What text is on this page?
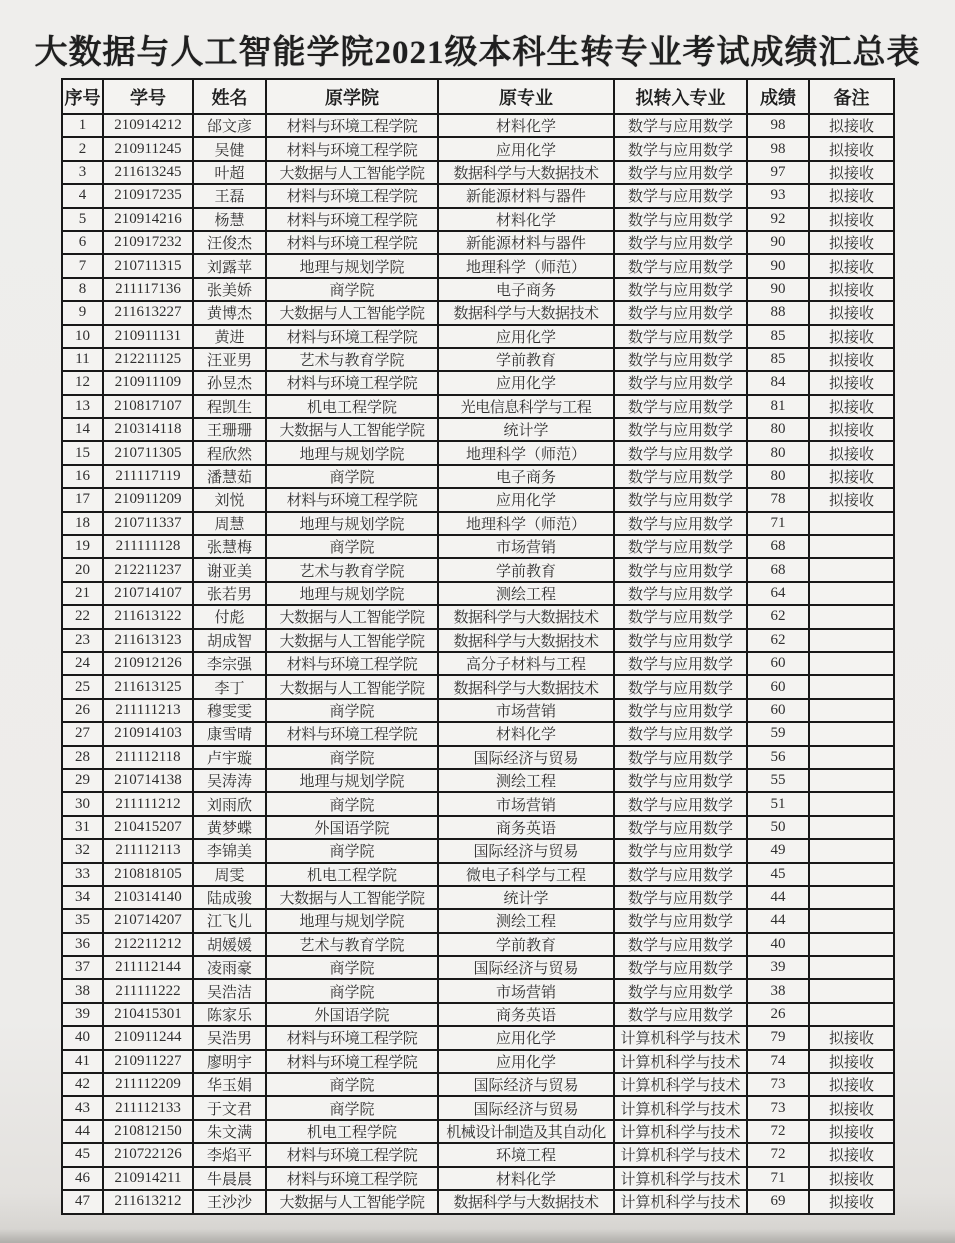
大数据与人工智能学院2021级本科生转专业考试成绩汇总表
序号	学号	姓名	原学院	原专业	拟转入专业	成绩	备注
1	210914212	邰文彦	材料与环境工程学院	材料化学	数学与应用数学	98	拟接收
2	210911245	吴健	材料与环境工程学院	应用化学	数学与应用数学	98	拟接收
3	211613245	叶超	大数据与人工智能学院	数据科学与大数据技术	数学与应用数学	97	拟接收
4	210917235	王磊	材料与环境工程学院	新能源材料与器件	数学与应用数学	93	拟接收
5	210914216	杨慧	材料与环境工程学院	材料化学	数学与应用数学	92	拟接收
6	210917232	汪俊杰	材料与环境工程学院	新能源材料与器件	数学与应用数学	90	拟接收
7	210711315	刘露苹	地理与规划学院	地理科学（师范）	数学与应用数学	90	拟接收
8	211117136	张美娇	商学院	电子商务	数学与应用数学	90	拟接收
9	211613227	黄博杰	大数据与人工智能学院	数据科学与大数据技术	数学与应用数学	88	拟接收
10	210911131	黄进	材料与环境工程学院	应用化学	数学与应用数学	85	拟接收
11	212211125	汪亚男	艺术与教育学院	学前教育	数学与应用数学	85	拟接收
12	210911109	孙昱杰	材料与环境工程学院	应用化学	数学与应用数学	84	拟接收
13	210817107	程凯生	机电工程学院	光电信息科学与工程	数学与应用数学	81	拟接收
14	210314118	王珊珊	大数据与人工智能学院	统计学	数学与应用数学	80	拟接收
15	210711305	程欣然	地理与规划学院	地理科学（师范）	数学与应用数学	80	拟接收
16	211117119	潘慧茹	商学院	电子商务	数学与应用数学	80	拟接收
17	210911209	刘悦	材料与环境工程学院	应用化学	数学与应用数学	78	拟接收
18	210711337	周慧	地理与规划学院	地理科学（师范）	数学与应用数学	71	
19	211111128	张慧梅	商学院	市场营销	数学与应用数学	68	
20	212211237	谢亚美	艺术与教育学院	学前教育	数学与应用数学	68	
21	210714107	张若男	地理与规划学院	测绘工程	数学与应用数学	64	
22	211613122	付彪	大数据与人工智能学院	数据科学与大数据技术	数学与应用数学	62	
23	211613123	胡成智	大数据与人工智能学院	数据科学与大数据技术	数学与应用数学	62	
24	210912126	李宗强	材料与环境工程学院	高分子材料与工程	数学与应用数学	60	
25	211613125	李丁	大数据与人工智能学院	数据科学与大数据技术	数学与应用数学	60	
26	211111213	穆雯雯	商学院	市场营销	数学与应用数学	60	
27	210914103	康雪晴	材料与环境工程学院	材料化学	数学与应用数学	59	
28	211112118	卢宇璇	商学院	国际经济与贸易	数学与应用数学	56	
29	210714138	吴涛涛	地理与规划学院	测绘工程	数学与应用数学	55	
30	211111212	刘雨欣	商学院	市场营销	数学与应用数学	51	
31	210415207	黄梦蝶	外国语学院	商务英语	数学与应用数学	50	
32	211112113	李锦美	商学院	国际经济与贸易	数学与应用数学	49	
33	210818105	周雯	机电工程学院	微电子科学与工程	数学与应用数学	45	
34	210314140	陆成骏	大数据与人工智能学院	统计学	数学与应用数学	44	
35	210714207	江飞儿	地理与规划学院	测绘工程	数学与应用数学	44	
36	212211212	胡媛媛	艺术与教育学院	学前教育	数学与应用数学	40	
37	211112144	凌雨豪	商学院	国际经济与贸易	数学与应用数学	39	
38	211111222	吴浩洁	商学院	市场营销	数学与应用数学	38	
39	210415301	陈家乐	外国语学院	商务英语	数学与应用数学	26	
40	210911244	吴浩男	材料与环境工程学院	应用化学	计算机科学与技术	79	拟接收
41	210911227	廖明宇	材料与环境工程学院	应用化学	计算机科学与技术	74	拟接收
42	211112209	华玉娟	商学院	国际经济与贸易	计算机科学与技术	73	拟接收
43	211112133	于文君	商学院	国际经济与贸易	计算机科学与技术	73	拟接收
44	210812150	朱文满	机电工程学院	机械设计制造及其自动化	计算机科学与技术	72	拟接收
45	210722126	李焰平	材料与环境工程学院	环境工程	计算机科学与技术	72	拟接收
46	210914211	牛晨晨	材料与环境工程学院	材料化学	计算机科学与技术	71	拟接收
47	211613212	王沙沙	大数据与人工智能学院	数据科学与大数据技术	计算机科学与技术	69	拟接收
